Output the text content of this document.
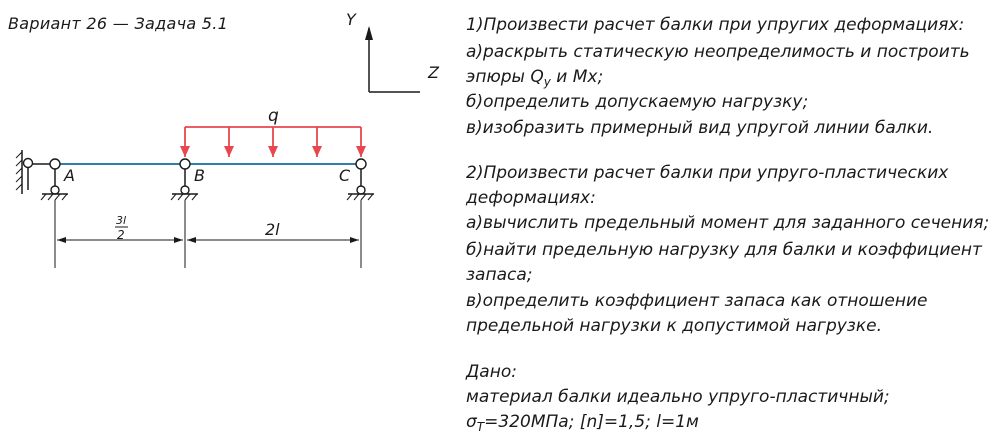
Вариант 26 — Задача 5.1	Y
Z
q
A	B	C
3l
2	2l
1)Произвести расчет балки при упругих деформациях:
а)раскрыть статическую неопределимость и построить
эпюры $Q_y$ и Mx;
б)определить допускаемую нагрузку;
в)изобразить примерный вид упругой линии балки.
2)Произвести расчет балки при упруго-пластических
деформациях:
а)вычислить предельный момент для заданного сечения;
б)найти предельную нагрузку для балки и коэффициент
запаса;
в)определить коэффициент запаса как отношение
предельной нагрузки к допустимой нагрузке.
Дано:
материал балки идеально упруго-пластичный;
$\sigma_T=320МПа$; [n]=1,5; l=1м
